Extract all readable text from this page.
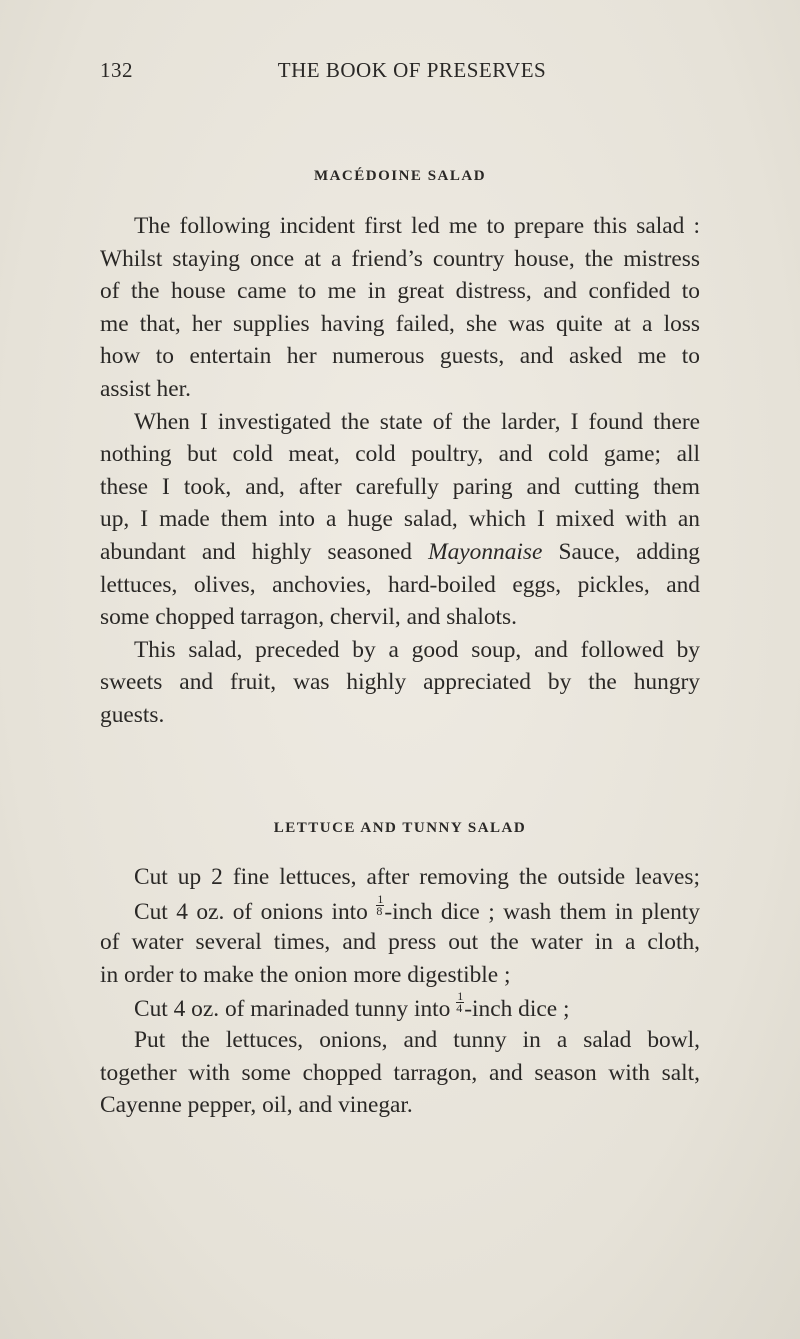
132	THE BOOK OF PRESERVES
MACÉDOINE SALAD
The following incident first led me to prepare this salad :
Whilst staying once at a friend’s country house, the mistress
of the house came to me in great distress, and confided to
me that, her supplies having failed, she was quite at a loss
how to entertain her numerous guests, and asked me to
assist her.
When I investigated the state of the larder, I found there
nothing but cold meat, cold poultry, and cold game; all
these I took, and, after carefully paring and cutting them
up, I made them into a huge salad, which I mixed with an
abundant and highly seasoned Mayonnaise Sauce, adding
lettuces, olives, anchovies, hard-boiled eggs, pickles, and
some chopped tarragon, chervil, and shalots.
This salad, preceded by a good soup, and followed by
sweets and fruit, was highly appreciated by the hungry
guests.
LETTUCE AND TUNNY SALAD
Cut up 2 fine lettuces, after removing the outside leaves;
Cut 4 oz. of onions into $\frac{1}{8}$ -inch dice ; wash them in plenty
of water several times, and press out the water in a cloth,
in order to make the onion more digestible ;
Cut 4 oz. of marinaded tunny into $\frac{1}{4}$ -inch dice ;
Put the lettuces, onions, and tunny in a salad bowl,
together with some chopped tarragon, and season with salt,
Cayenne pepper, oil, and vinegar.
